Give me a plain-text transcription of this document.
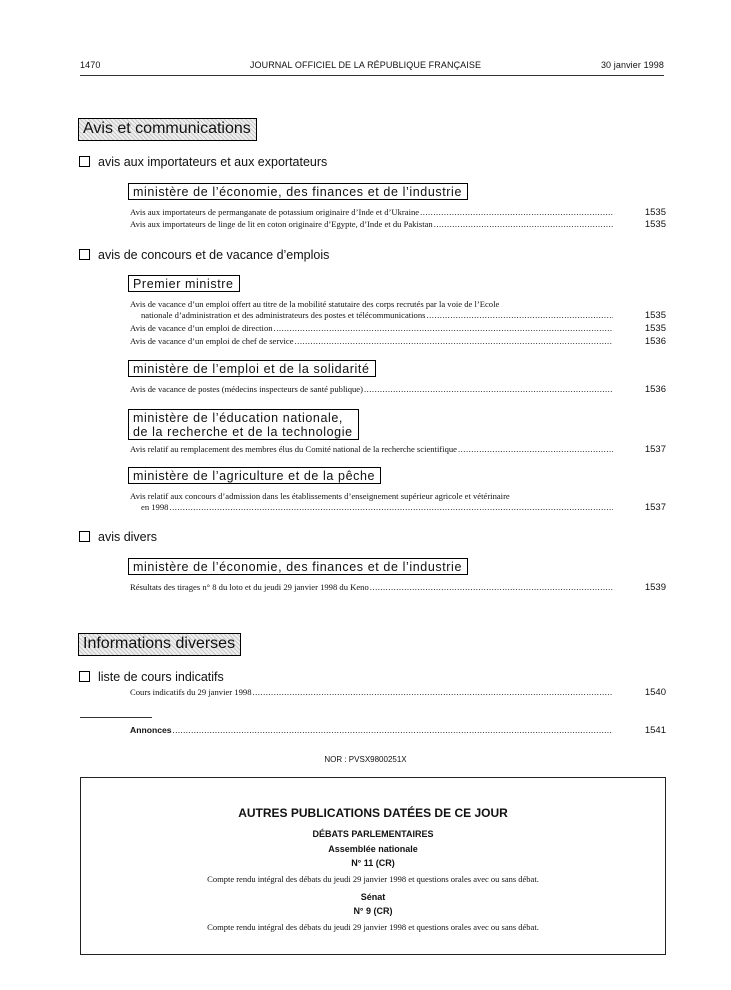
1470	JOURNAL OFFICIEL DE LA RÉPUBLIQUE FRANÇAISE	30 janvier 1998
Avis et communications
avis aux importateurs et aux exportateurs
ministère de l’économie, des finances et de l’industrie
Avis aux importateurs de permanganate de potassium originaire d’Inde et d’Ukraine .....	1535
Avis aux importateurs de linge de lit en coton originaire d’Egypte, d’Inde et du Pakistan .....	1535
avis de concours et de vacance d’emplois
Premier ministre
Avis de vacance d’un emploi offert au titre de la mobilité statutaire des corps recrutés par la voie de l’Ecole
nationale d’administration et des administrateurs des postes et télécommunications .....	1535
Avis de vacance d’un emploi de direction .....	1535
Avis de vacance d’un emploi de chef de service .....	1536
ministère de l’emploi et de la solidarité
Avis de vacance de postes (médecins inspecteurs de santé publique) .....	1536
ministère de l’éducation nationale,
de la recherche et de la technologie
Avis relatif au remplacement des membres élus du Comité national de la recherche scientifique .....	1537
ministère de l’agriculture et de la pêche
Avis relatif aux concours d’admission dans les établissements d’enseignement supérieur agricole et vétérinaire
en 1998 .....	1537
avis divers
ministère de l’économie, des finances et de l’industrie
Résultats des tirages n° 8 du loto et du jeudi 29 janvier 1998 du Keno .....	1539
Informations diverses
liste de cours indicatifs
Cours indicatifs du 29 janvier 1998 .....	1540
Annonces .....	1541
NOR : PVSX9800251X
AUTRES PUBLICATIONS DATÉES DE CE JOUR
DÉBATS PARLEMENTAIRES
Assemblée nationale
N° 11 (CR)
Compte rendu intégral des débats du jeudi 29 janvier 1998 et questions orales avec ou sans débat.
Sénat
N° 9 (CR)
Compte rendu intégral des débats du jeudi 29 janvier 1998 et questions orales avec ou sans débat.
